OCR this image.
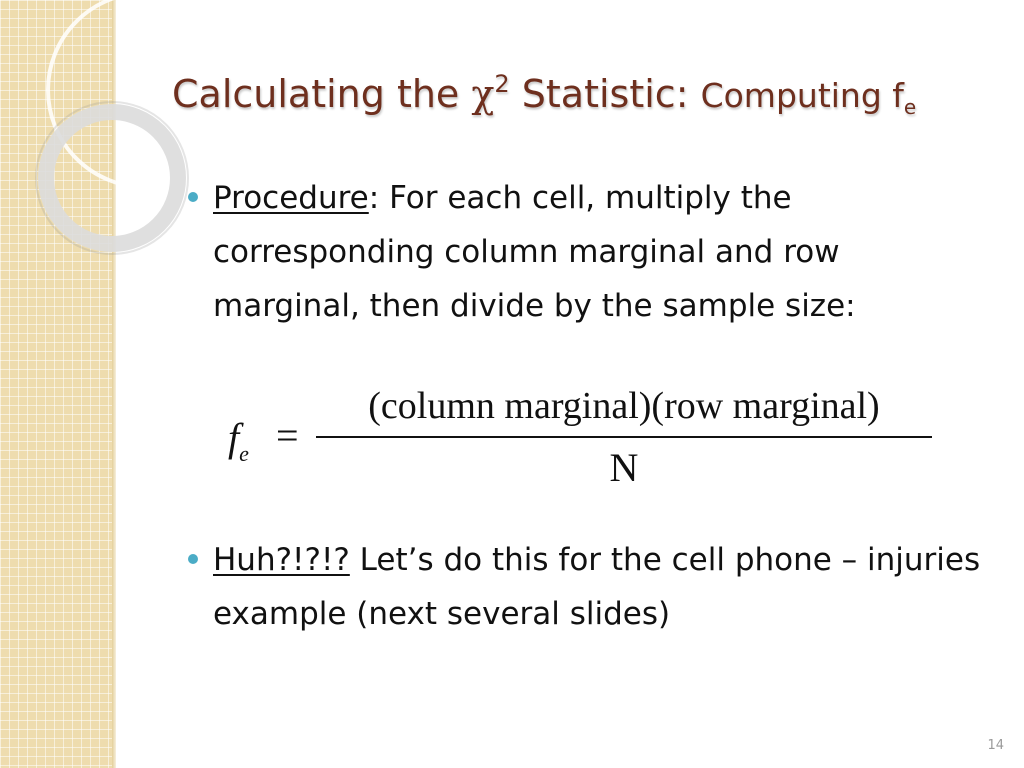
Calculating the $\chi^2$ Statistic: Computing $f_e$
Procedure: For each cell, multiply the corresponding column marginal and row marginal, then divide by the sample size:
$f_e$ =
(column marginal)(row marginal)
N
Huh?!?!? Let’s do this for the cell phone – injuries example (next several slides)
14
